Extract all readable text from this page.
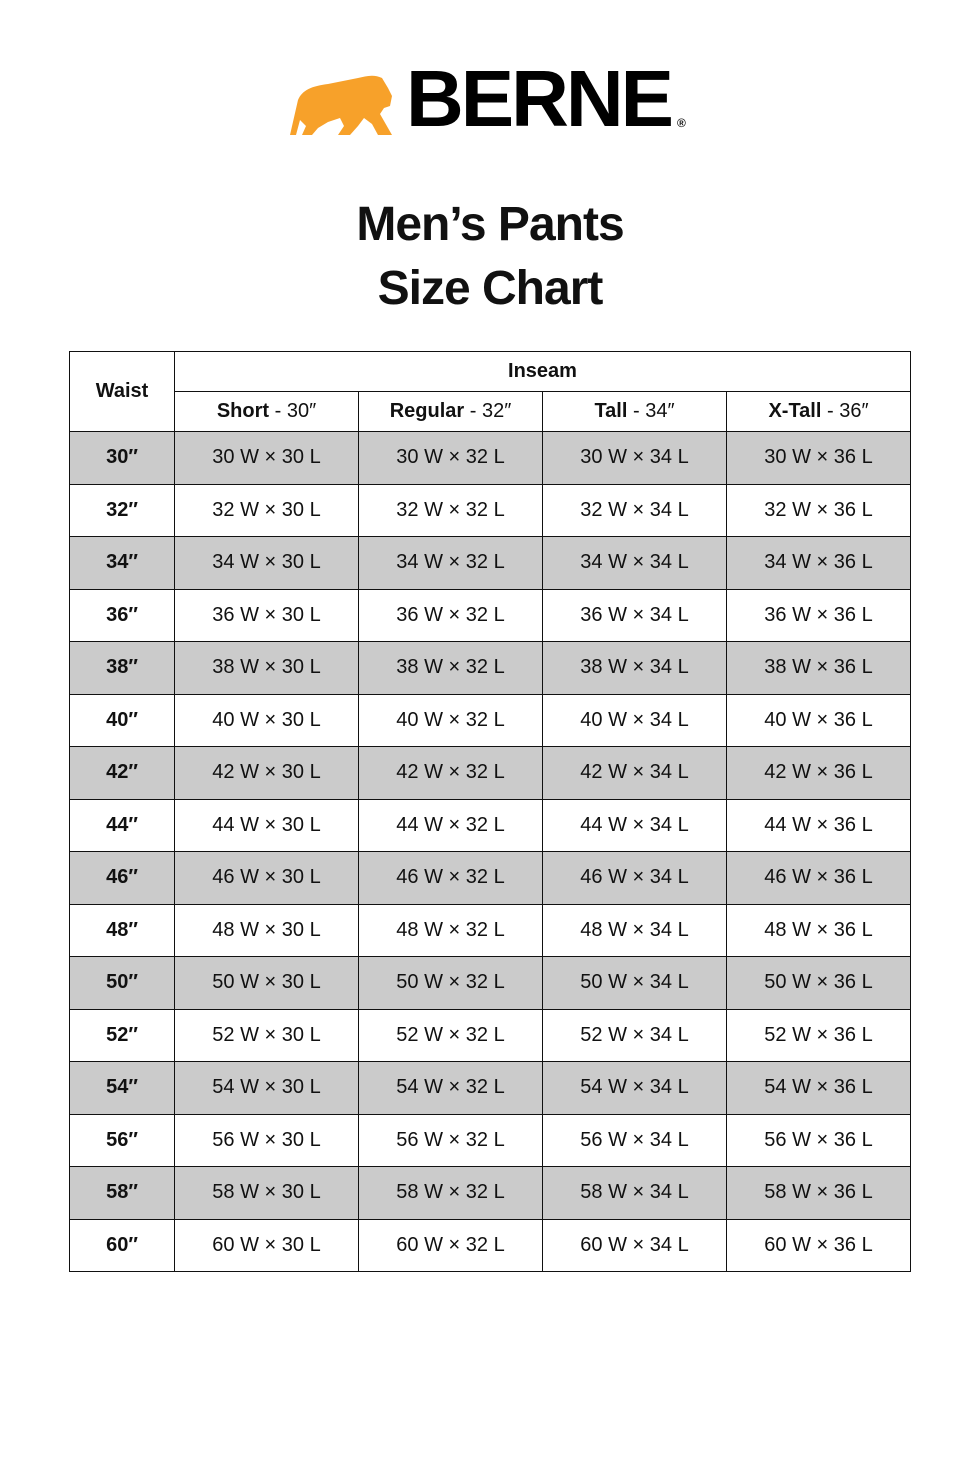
BERNE ®
Men’s Pants
Size Chart
Waist	Inseam			
	Short - 30″	Regular - 32″	Tall - 34″	X-Tall - 36″
30″	30 W × 30 L	30 W × 32 L	30 W × 34 L	30 W × 36 L
32″	32 W × 30 L	32 W × 32 L	32 W × 34 L	32 W × 36 L
34″	34 W × 30 L	34 W × 32 L	34 W × 34 L	34 W × 36 L
36″	36 W × 30 L	36 W × 32 L	36 W × 34 L	36 W × 36 L
38″	38 W × 30 L	38 W × 32 L	38 W × 34 L	38 W × 36 L
40″	40 W × 30 L	40 W × 32 L	40 W × 34 L	40 W × 36 L
42″	42 W × 30 L	42 W × 32 L	42 W × 34 L	42 W × 36 L
44″	44 W × 30 L	44 W × 32 L	44 W × 34 L	44 W × 36 L
46″	46 W × 30 L	46 W × 32 L	46 W × 34 L	46 W × 36 L
48″	48 W × 30 L	48 W × 32 L	48 W × 34 L	48 W × 36 L
50″	50 W × 30 L	50 W × 32 L	50 W × 34 L	50 W × 36 L
52″	52 W × 30 L	52 W × 32 L	52 W × 34 L	52 W × 36 L
54″	54 W × 30 L	54 W × 32 L	54 W × 34 L	54 W × 36 L
56″	56 W × 30 L	56 W × 32 L	56 W × 34 L	56 W × 36 L
58″	58 W × 30 L	58 W × 32 L	58 W × 34 L	58 W × 36 L
60″	60 W × 30 L	60 W × 32 L	60 W × 34 L	60 W × 36 L
